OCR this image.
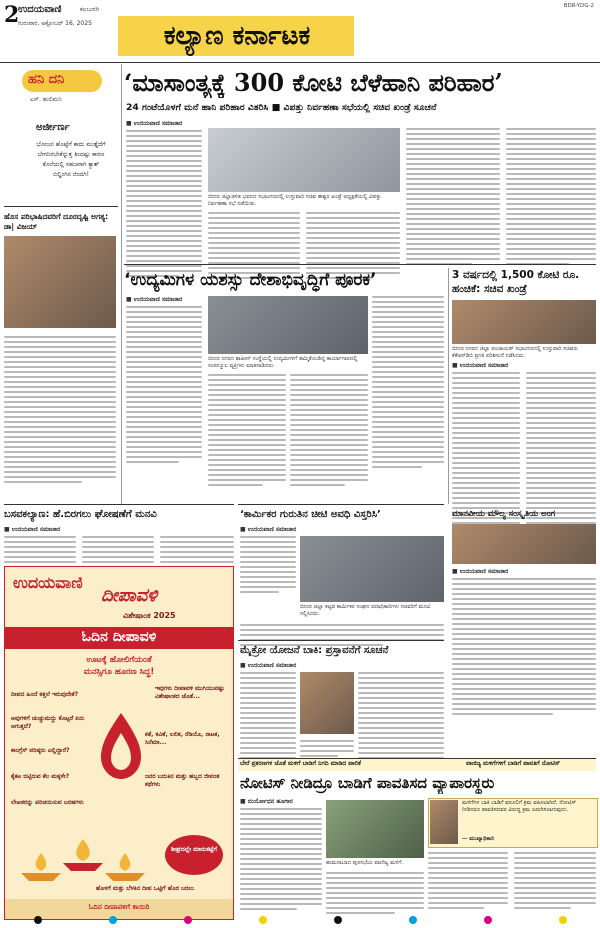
2
ಉದಯವಾಣಿ	ಕಲಬುರಗಿ
ಗುರುವಾರ, ಅಕ್ಟೋಬರ್ 16, 2025	ಕಲ್ಯಾಣ ಕರ್ನಾಟಕ
BDR-YDG-2
ಹನಿ ದನಿ
ಎಸ್. ಹುಲಿಮನಿ
ಅರ್ಜೀರ್ಣ
ಭೋಜನ ಹೊಟ್ಟೆಗೆ ಕಾದು ಮುತ್ತೈದೆಗೆ ಬೇಗನಿರಬೇಕೆನ್ನುತ್ತ ತಿಂದಷ್ಟು ಕಾರಣ ಕೊನೆಯಲ್ಲಿ ಸಹಜವಾಗಿ ಕ್ಯಾಶ್ ಬಿಲ್ಡಿಂಗಿನ ಜಿಂದಗಿ!
ಹೊಸ ಪರಿಭಾಷಿದವರಿಗೆ ದೂರದೃಷ್ಟಿ ಅಗತ್ಯ: ಡಾ| ವಿಜಯ್
‘ಮಾಸಾಂತ್ಯಕ್ಕೆ 300 ಕೋಟಿ ಬೆಳೆಹಾನಿ ಪರಿಹಾರ’
24 ಗಂಟೆಯೊಳಗೆ ಮನೆ ಹಾನಿ ಪರಿಹಾರ ವಿತರಿಸಿ ■ ವಿಪತ್ತು ನಿರ್ವಹಣಾ ಸಭೆಯಲ್ಲಿ ಸಚಿವ ಖಂಡ್ರೆ ಸೂಚನೆ
■ ಉದಯವಾಣಿ ಸಮಾಚಾರ
ಬೀದರ ಜಿಲ್ಲಾಡಳಿತ ಭವನದ ಸಭಾಂಗಣದಲ್ಲಿ ಉಸ್ತುವಾರಿ ಸಚಿವ ಈಶ್ವರ ಖಂಡ್ರೆ ಅಧ್ಯಕ್ಷತೆಯಲ್ಲಿ ವಿಪತ್ತು ನಿರ್ವಹಣಾ ಸಭೆ ನಡೆಯಿತು.
‘ಉದ್ಯಮಿಗಳ ಯಶಸ್ಸು ದೇಶಾಭಿವೃದ್ಧಿಗೆ ಪೂರಕ’
■ ಉದಯವಾಣಿ ಸಮಾಚಾರ
ಬೀದರ ನಗರದ ಶಾಹೀನ್ ಸಂಸ್ಥೆಯಲ್ಲಿ ಉದ್ಯಮಿಗಳಿಗೆ ಹಮ್ಮಿಕೊಂಡಿದ್ದ ಕಾರ್ಯಾಗಾರದಲ್ಲಿ ಸಂಪನ್ಮೂಲ ವ್ಯಕ್ತಿಗಳು ಮಾತನಾಡಿದರು.
3 ವರ್ಷದಲ್ಲಿ 1,500 ಕೋಟಿ ರೂ. ಹಂಚಿಕೆ: ಸಚಿವ ಖಂಡ್ರೆ
ಬೀದರ ನಗರದ ಜಿಲ್ಲಾ ಪಂಚಾಯತ್ ಸಭಾಂಗಣದಲ್ಲಿ ಉಸ್ತುವಾರಿ ಸಚಿವರು ಕೆಕೆಆರ್‌ಡಿಬಿ ಪ್ರಗತಿ ಪರಿಶೀಲನೆ ನಡೆಸಿದರು.
■ ಉದಯವಾಣಿ ಸಮಾಚಾರ
ಬಸವಕಲ್ಯಾಣ: ಹೆ.ಬಿರಗಲು ಘೋಷಣೆಗೆ ಮನವಿ
■ ಉದಯವಾಣಿ ಸಮಾಚಾರ
‘ಕಾರ್ಮಿಕರ ಗುರುತಿನ ಚೀಟಿ ಅವಧಿ ವಿಸ್ತರಿಸಿ’
■ ಉದಯವಾಣಿ ಸಮಾಚಾರ
ಬೀದರ ಜಿಲ್ಲಾ ಕಟ್ಟಡ ಕಾರ್ಮಿಕರ ಸಂಘದ ಪದಾಧಿಕಾರಿಗಳು ಸಚಿವರಿಗೆ ಮನವಿ ಸಲ್ಲಿಸಿದರು.
ಮಾನವೀಯ ಮೌಲ್ಯ ಸಂಸ್ಕೃತಿಯ ಅಂಗ
■ ಉದಯವಾಣಿ ಸಮಾಚಾರ
ಮೈಕ್ರೋ ಯೋಜನೆ ಬಾಕಿ: ಪ್ರಸ್ತಾವನೆಗೆ ಸೂಚನೆ
■ ಉದಯವಾಣಿ ಸಮಾಚಾರ
ಉದಯವಾಣಿ
ದೀಪಾವಳಿ
ವಿಶೇಷಾಂಕ 2025
ಓದಿನ ದೀಪಾವಳಿ
ಊಟಕ್ಕೆ ಹೋಲಿಗೆಯಂತೆ
ಮನಸ್ಸಿಗೂ ಹೂರಣ ಸಿದ್ಧ!
ದೀಪದ ಹಿಂದೆ ಕತ್ತಲೆ ಇರುವುದೇಕೆ?
ಅವುಗಳಿಗೆ ಚುಚ್ಚುಮದ್ದು ಕೊಟ್ಟರೆ ಏನು ಆಗುತ್ತದೆ?
ಕಾಂಗ್ರೆಸ್ ವರಿಷ್ಠರು ಎಲ್ಲಿದ್ದಾರೆ?
ಕೈಕಟ ಬಿಟ್ಟಿರುವ ಕೆಲ ಮಕ್ಕಳೇ?
ಲೇಖಕರನ್ನು ಪರಿಚಯಿಸುವ ಬರಹಗಳು
ಇವುಗಳು ದೀಪಾವಳಿ ಮುಗಿಯುವಷ್ಟು ವಿಶೇಷಾಂಕದ ಜೊತೆ...
ಕತೆ, ಕವಿತೆ, ಲಲಿತ, ರೆಡಿಯೊ, ನಾಟಕ, ಸಿನೆಮಾ...
ಜನರ ಬದುಕಿನ ಮತ್ತು ಹಬ್ಬದ ಜೀವಂತ ಕಥೆಗಳು
ಶೀಘ್ರದಲ್ಲೇ ಮಾರುಕಟ್ಟೆಗೆ
ಹೊಳಗೆ ಮತ್ತು ಬೆಳಕಿನ ದೀಪ ಒಟ್ಟಿಗೆ ಹೊರ ಬರಲು
ಓದಿನ ದೀಪಾವಳಿಗೆ ಕಾಯಿರಿ
ಬೇರೆ ಪ್ರಕರಣಗಳ ಜೊತೆ ಮಳಿಗೆ ಬಾಡಿಗೆ ನಿಗದಿ ಮಾಡಿದ ಪಾಲಿಕೆ	ವಾಣಿಜ್ಯ ಮಳಿಗೆಗಳಿಗೆ ಬಾಡಿಗೆ ಪಾವತಿಗೆ ನೋಟಿಸ್
ನೋಟಿಸ್ ನೀಡಿದ್ರೂ ಬಾಡಿಗೆ ಪಾವತಿಸದ ವ್ಯಾಪಾರಸ್ಥರು
■ ದುರ್ಯೋಧನ ಹೂಗಾರ
ಹುಮನಾಬಾದ ಪುರಸಭೆಯ ವಾಣಿಜ್ಯ ಮಳಿಗೆ.
ಮಳಿಗೆಗಳ ಬಾಕಿ ಬಾಡಿಗೆ ವಸೂಲಿಗೆ ಕ್ರಮ ವಹಿಸಲಾಗಿದೆ. ನೋಟಿಸ್ ನೀಡಿದರೂ ಪಾವತಿಸದವರ ವಿರುದ್ಧ ಕ್ರಮ ಜರುಗಿಸಲಾಗುವುದು.
— ಮುಖ್ಯಾಧಿಕಾರಿ
